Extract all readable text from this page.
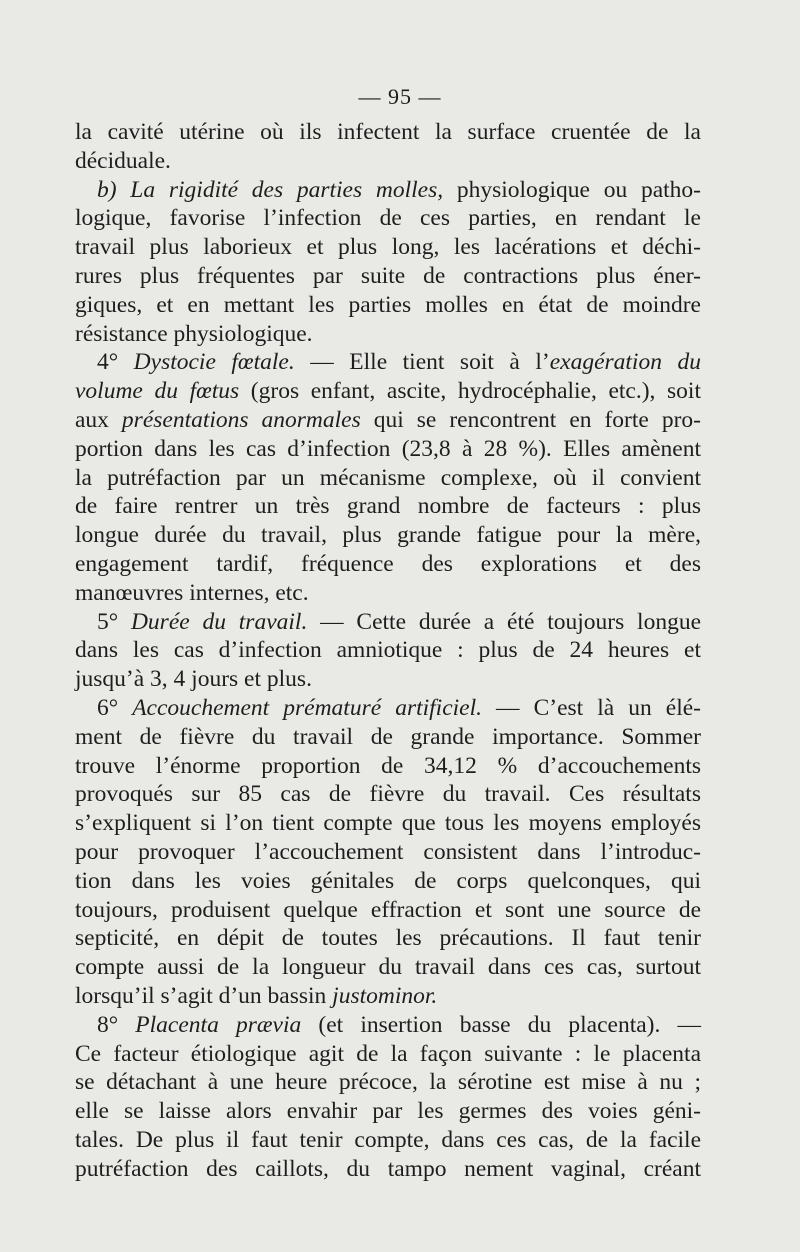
— 95 —
la cavité utérine où ils infectent la surface cruentée de la
déciduale.
b) La rigidité des parties molles, physiologique ou patho-
logique, favorise l’infection de ces parties, en rendant le
travail plus laborieux et plus long, les lacérations et déchi-
rures plus fréquentes par suite de contractions plus éner-
giques, et en mettant les parties molles en état de moindre
résistance physiologique.
4° Dystocie fœtale. — Elle tient soit à l’exagération du
volume du fœtus (gros enfant, ascite, hydrocéphalie, etc.), soit
aux présentations anormales qui se rencontrent en forte pro-
portion dans les cas d’infection (23,8 à 28 %). Elles amènent
la putréfaction par un mécanisme complexe, où il convient
de faire rentrer un très grand nombre de facteurs : plus
longue durée du travail, plus grande fatigue pour la mère,
engagement tardif, fréquence des explorations et des
manœuvres internes, etc.
5° Durée du travail. — Cette durée a été toujours longue
dans les cas d’infection amniotique : plus de 24 heures et
jusqu’à 3, 4 jours et plus.
6° Accouchement prématuré artificiel. — C’est là un élé-
ment de fièvre du travail de grande importance. Sommer
trouve l’énorme proportion de 34,12 % d’accouchements
provoqués sur 85 cas de fièvre du travail. Ces résultats
s’expliquent si l’on tient compte que tous les moyens employés
pour provoquer l’accouchement consistent dans l’introduc-
tion dans les voies génitales de corps quelconques, qui
toujours, produisent quelque effraction et sont une source de
septicité, en dépit de toutes les précautions. Il faut tenir
compte aussi de la longueur du travail dans ces cas, surtout
lorsqu’il s’agit d’un bassin justominor.
8° Placenta prævia (et insertion basse du placenta). —
Ce facteur étiologique agit de la façon suivante : le placenta
se détachant à une heure précoce, la sérotine est mise à nu ;
elle se laisse alors envahir par les germes des voies géni-
tales. De plus il faut tenir compte, dans ces cas, de la facile
putréfaction des caillots, du tampo nement vaginal, créant
